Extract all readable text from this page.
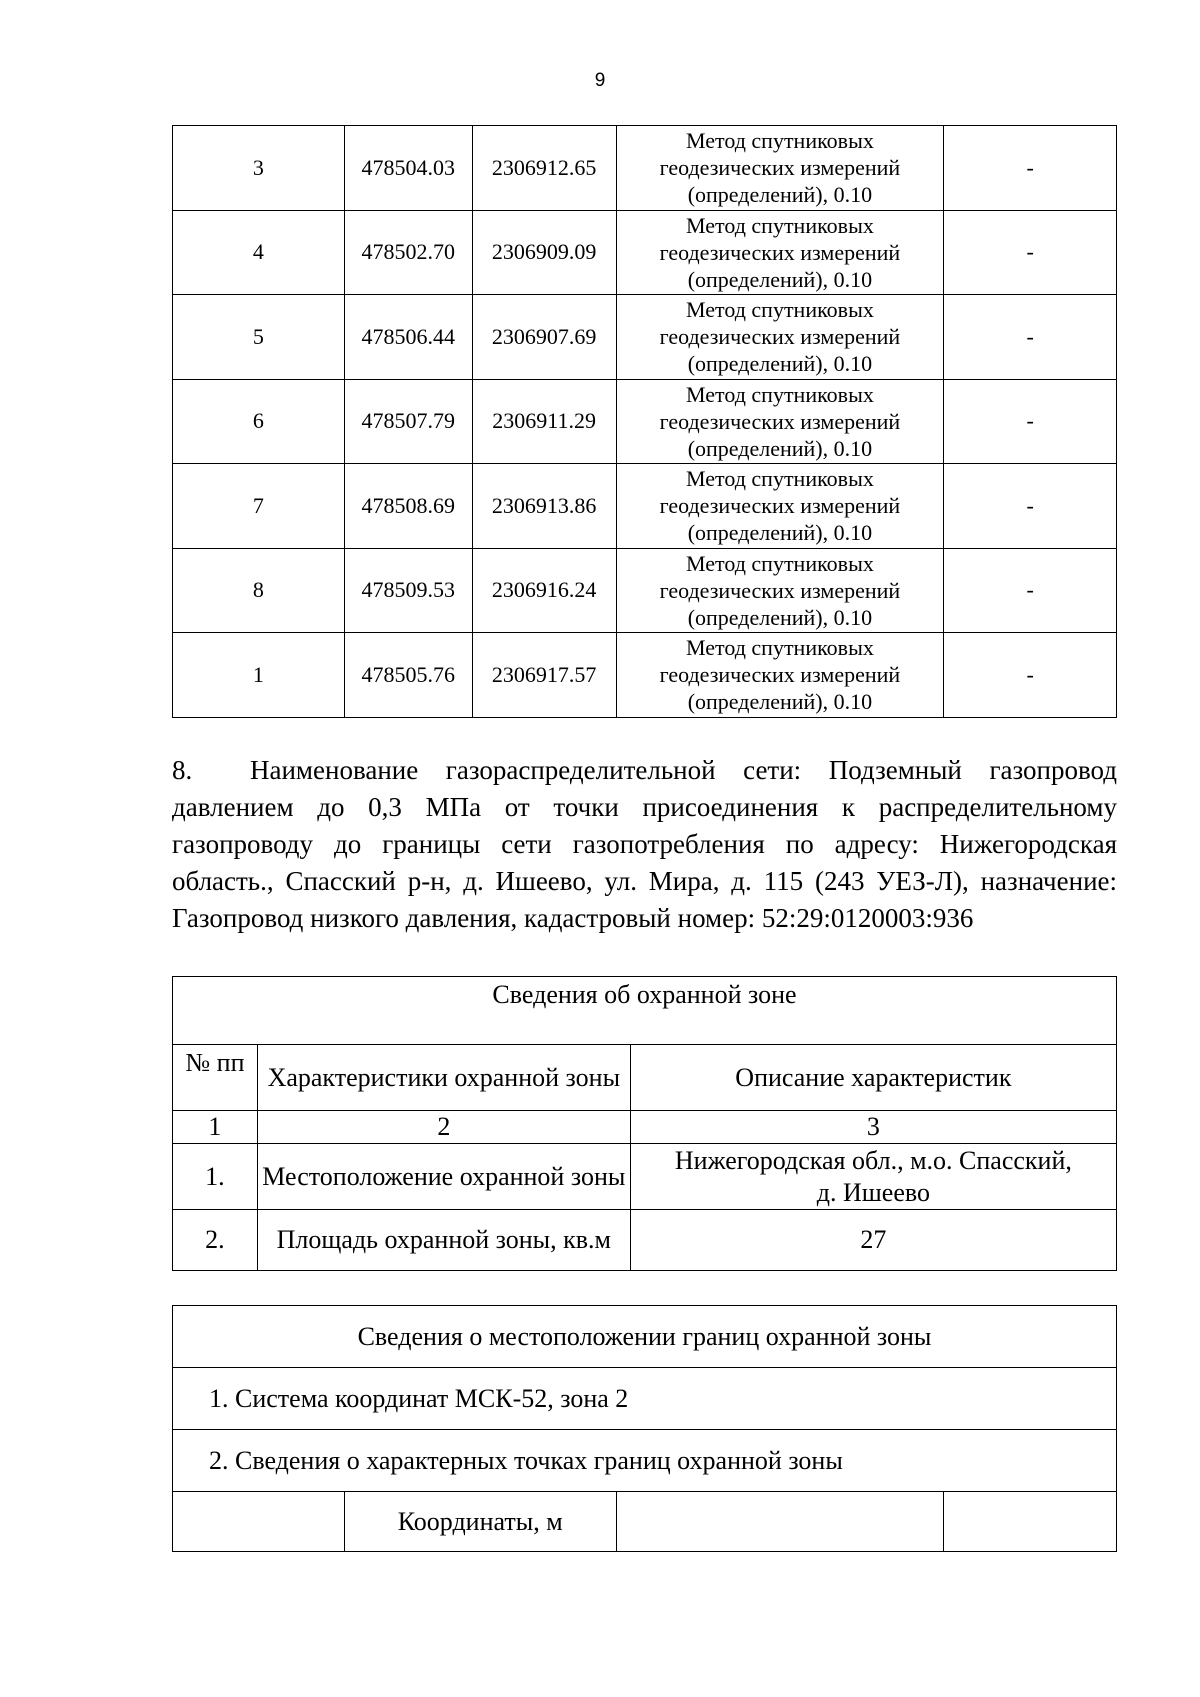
9
3	478504.03	2306912.65	Метод спутниковых
геодезических измерений
(определений), 0.10	-
4	478502.70	2306909.09	Метод спутниковых
геодезических измерений
(определений), 0.10	-
5	478506.44	2306907.69	Метод спутниковых
геодезических измерений
(определений), 0.10	-
6	478507.79	2306911.29	Метод спутниковых
геодезических измерений
(определений), 0.10	-
7	478508.69	2306913.86	Метод спутниковых
геодезических измерений
(определений), 0.10	-
8	478509.53	2306916.24	Метод спутниковых
геодезических измерений
(определений), 0.10	-
1	478505.76	2306917.57	Метод спутниковых
геодезических измерений
(определений), 0.10	-
8. Наименование газораспределительной сети: Подземный газопровод давлением до 0,3 МПа от точки присоединения к распределительному газопроводу до границы сети газопотребления по адресу: Нижегородская область., Спасский р-н, д. Ишеево, ул. Мира, д. 115 (243 УЕЗ-Л), назначение: Газопровод низкого давления, кадастровый номер: 52:29:0120003:936
Сведения об охранной зоне		
№ пп	Характеристики охранной зоны	Описание характеристик
1	2	3
1.	Местоположение охранной зоны	Нижегородская обл., м.о. Спасский,
д. Ишеево

2.	Площадь охранной зоны, кв.м	27
Сведения о местоположении границ охранной зоны
1. Система координат МСК-52, зона 2
2. Сведения о характерных точках границ охранной зоны
	Координаты, м		
